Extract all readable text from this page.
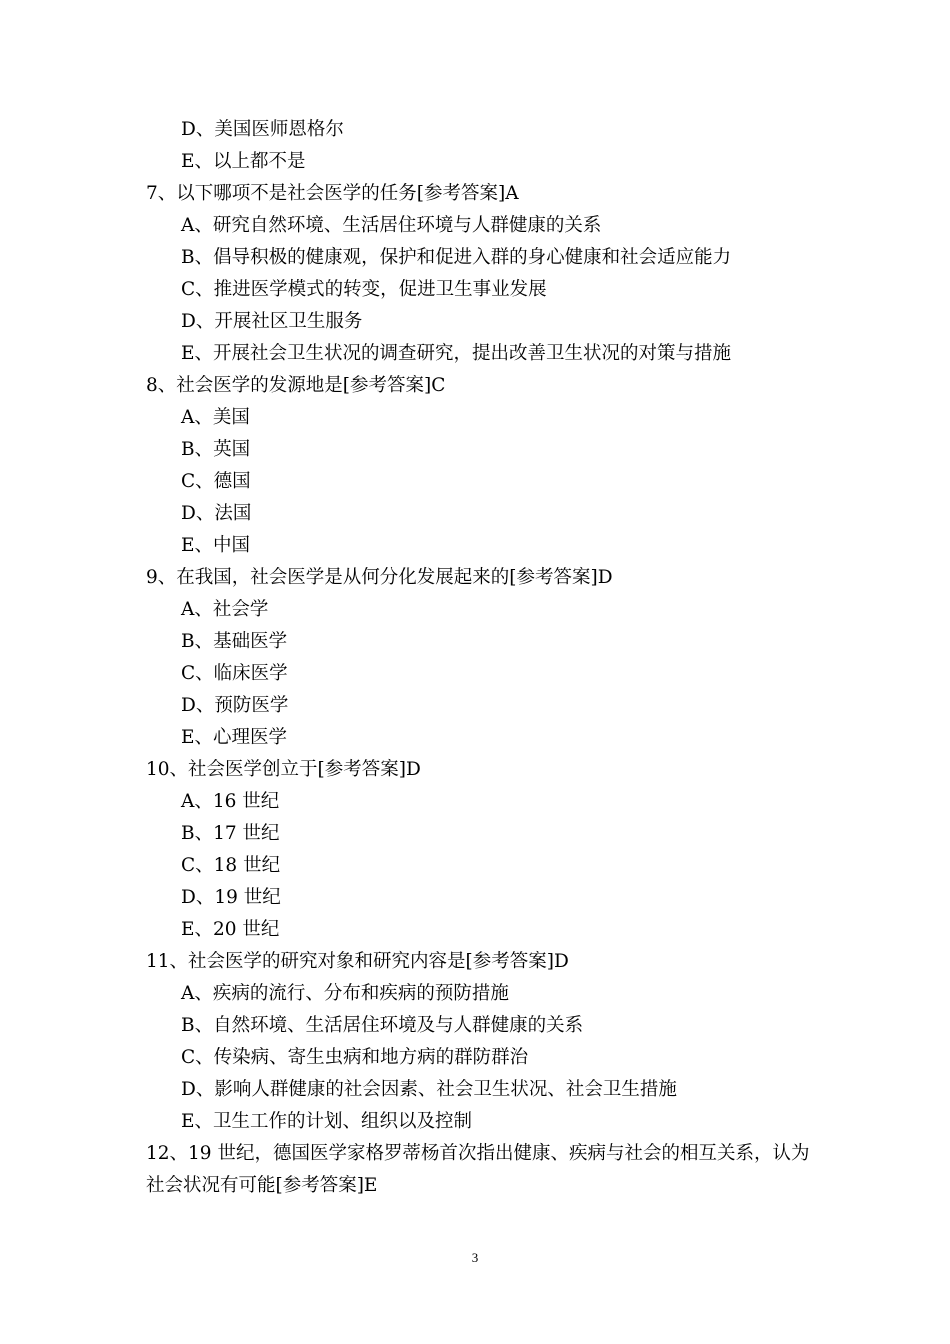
D、美国医师恩格尔
E、以上都不是
7、以下哪项不是社会医学的任务[参考答案]A
A、研究自然环境、生活居住环境与人群健康的关系
B、倡导积极的健康观，保护和促进入群的身心健康和社会适应能力
C、推进医学模式的转变，促进卫生事业发展
D、开展社区卫生服务
E、开展社会卫生状况的调查研究，提出改善卫生状况的对策与措施
8、社会医学的发源地是[参考答案]C
A、美国
B、英国
C、德国
D、法国
E、中国
9、在我国，社会医学是从何分化发展起来的[参考答案]D
A、社会学
B、基础医学
C、临床医学
D、预防医学
E、心理医学
10、社会医学创立于[参考答案]D
A、16 世纪
B、17 世纪
C、18 世纪
D、19 世纪
E、20 世纪
11、社会医学的研究对象和研究内容是[参考答案]D
A、疾病的流行、分布和疾病的预防措施
B、自然环境、生活居住环境及与人群健康的关系
C、传染病、寄生虫病和地方病的群防群治
D、影响人群健康的社会因素、社会卫生状况、社会卫生措施
E、卫生工作的计划、组织以及控制
12、19 世纪，德国医学家格罗蒂杨首次指出健康、疾病与社会的相互关系，认为社会状况有可能[参考答案]E
3
